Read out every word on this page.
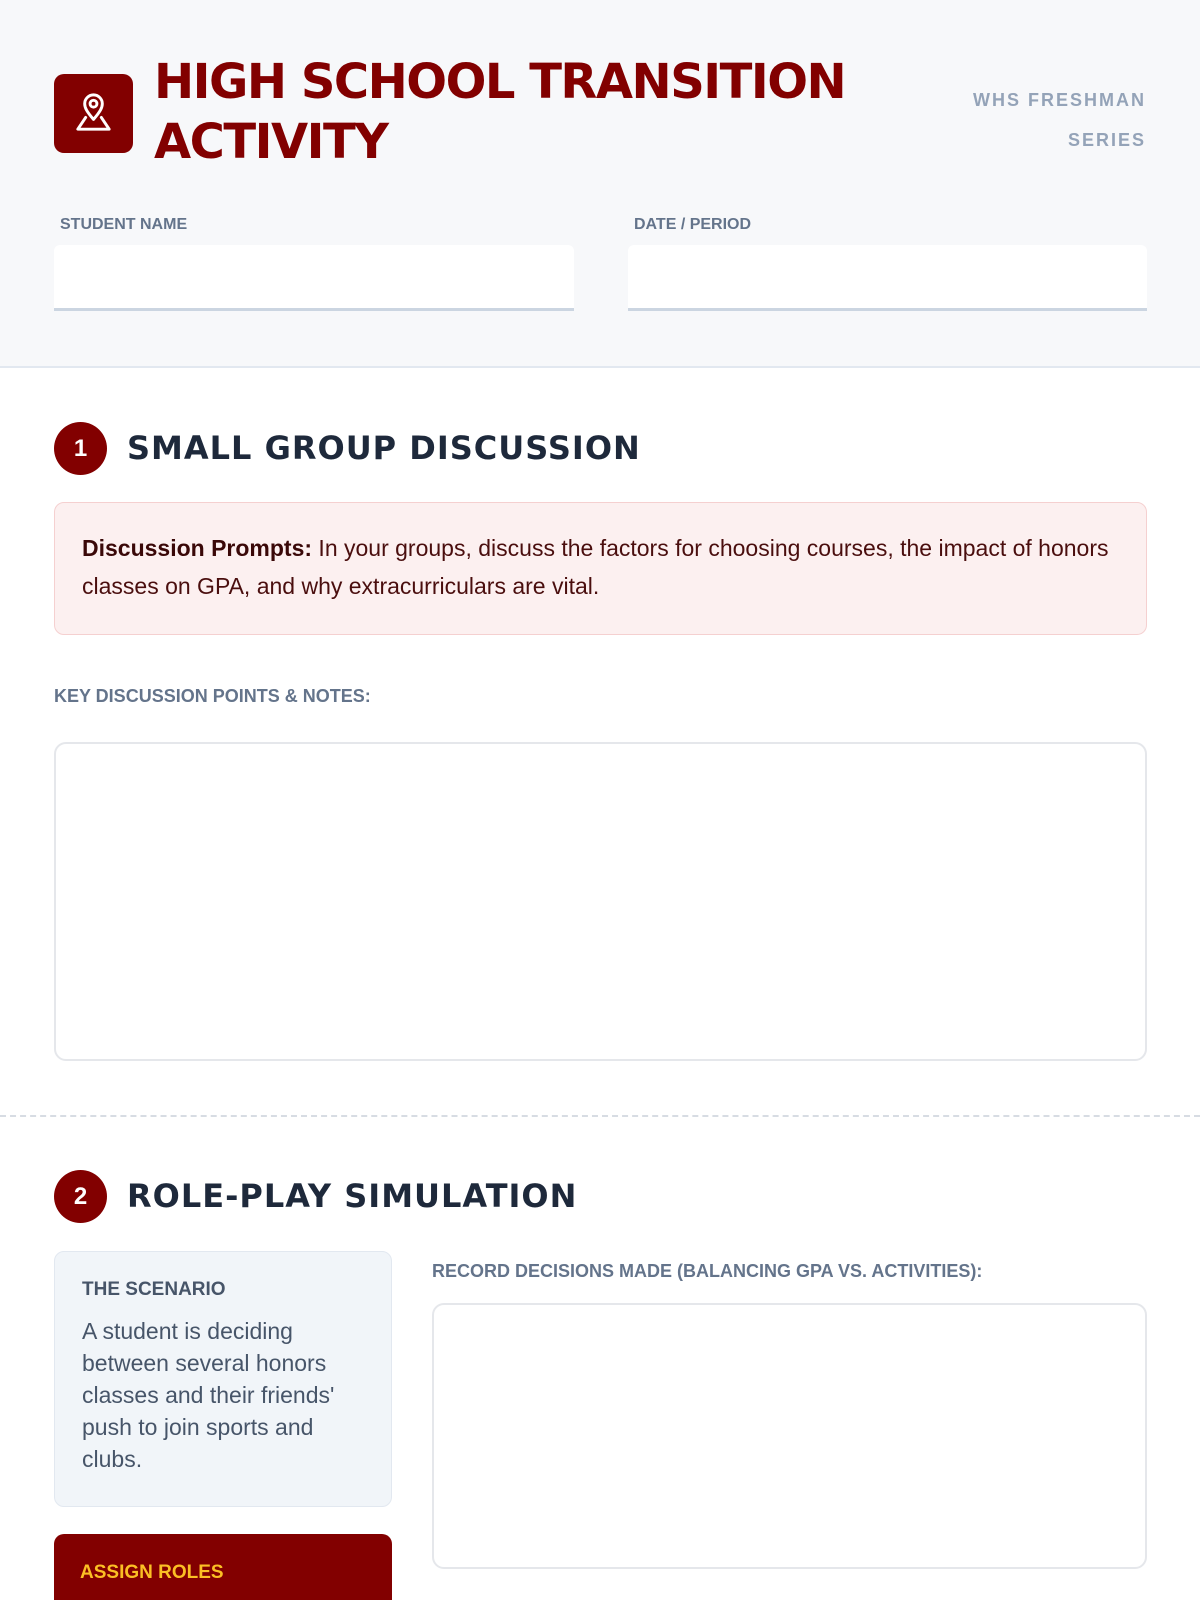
HIGH SCHOOL TRANSITION ACTIVITY
WHS FRESHMAN
SERIES
STUDENT NAME	DATE / PERIOD
1	SMALL GROUP DISCUSSION
Discussion Prompts: In your groups, discuss the factors for choosing courses, the impact of honors classes on GPA, and why extracurriculars are vital.
KEY DISCUSSION POINTS & NOTES:
2	ROLE-PLAY SIMULATION
THE SCENARIO
A student is deciding between several honors classes and their friends' push to join sports and clubs.
RECORD DECISIONS MADE (BALANCING GPA VS. ACTIVITIES):
ASSIGN ROLES
